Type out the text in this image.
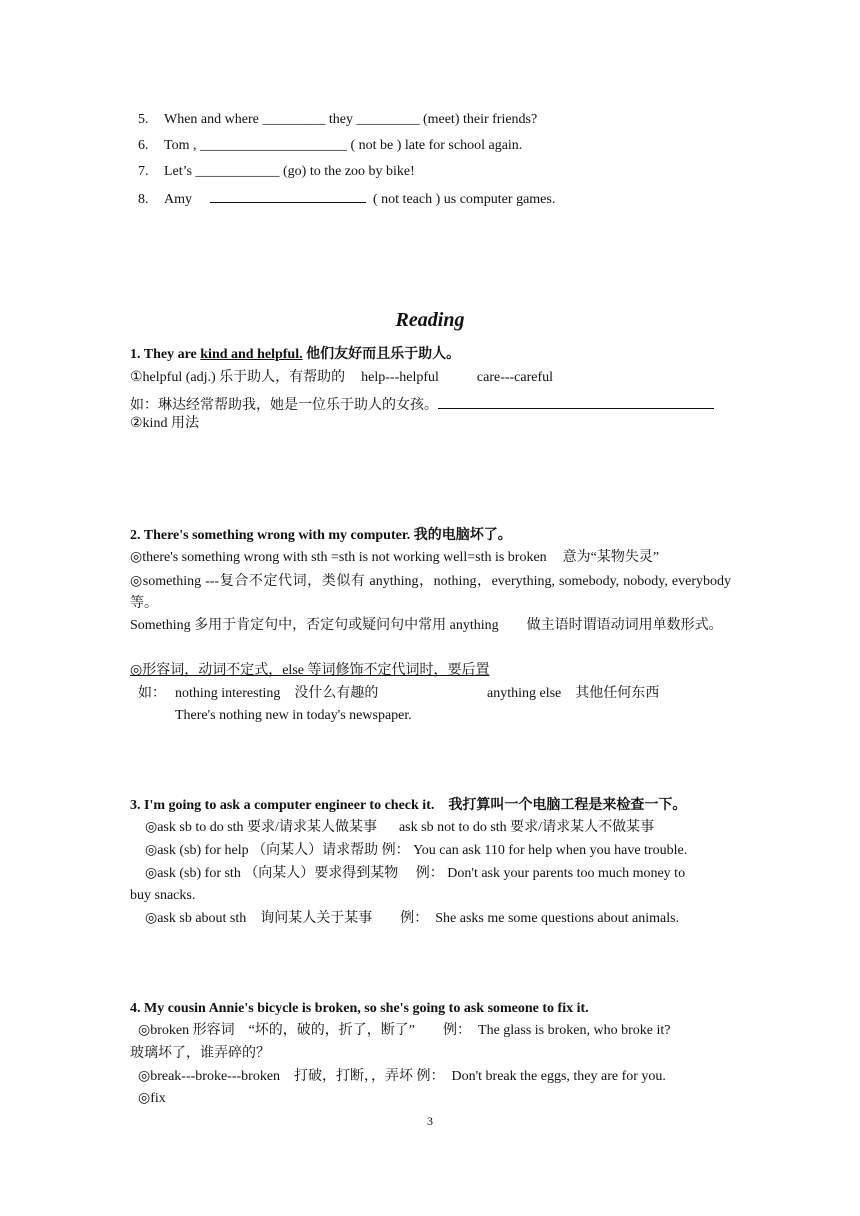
5. When and where _________ they _________ (meet) their friends?
6. Tom , _____________________ ( not be ) late for school again.
7. Let’s ____________ (go) to the zoo by bike!
8. Amy	( not teach ) us computer games.
Reading
1. They are kind and helpful. 他们友好而且乐于助人。
①helpful (adj.) 乐于助人，有帮助的 help---helpful	care---careful
如：琳达经常帮助我，她是一位乐于助人的女孩。
②kind 用法
2. There's something wrong with my computer. 我的电脑坏了。
◎there's something wrong with sth =sth is not working well=sth is broken 意为“某物失灵”
◎something ---复合不定代词，类似有 anything，nothing，everything, somebody, nobody, everybody 等。
Something 多用于肯定句中，否定句或疑问句中常用 anything　　做主语时谓语动词用单数形式。
◎形容词，动词不定式，else 等词修饰不定代词时，要后置
如： nothing interesting　没什么有趣的	anything else　其他任何东西
There's nothing new in today's newspaper.
3. I'm going to ask a computer engineer to check it.　我打算叫一个电脑工程是来检查一下。
◎ask sb to do sth 要求/请求某人做某事 ask sb not to do sth 要求/请求某人不做某事
◎ask (sb) for help （向某人）请求帮助 例： You can ask 110 for help when you have trouble.
◎ask (sb) for sth （向某人）要求得到某物　 例： Don't ask your parents too much money to
buy snacks.
◎ask sb about sth　询问某人关于某事　　例：　She asks me some questions about animals.
4. My cousin Annie's bicycle is broken, so she's going to ask someone to fix it.
◎broken 形容词　“坏的，破的，折了，断了”　　例：　The glass is broken, who broke it?
玻璃坏了，谁弄碎的？
◎break---broke---broken　打破，打断，，弄坏 例：　Don't break the eggs, they are for you.
◎fix
3
